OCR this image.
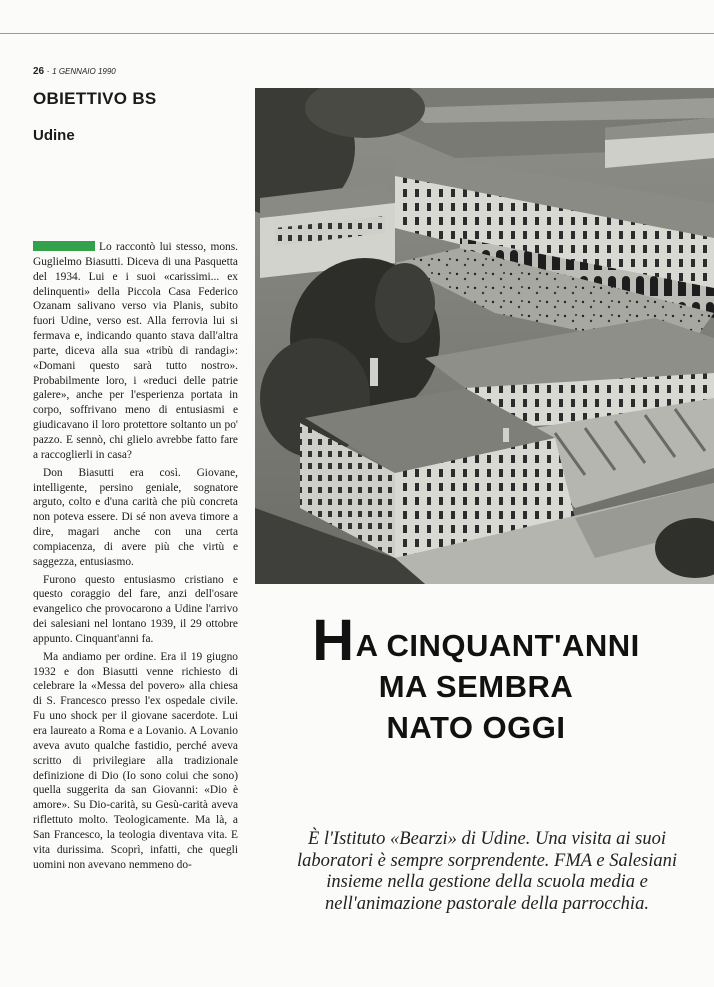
26 · 1 GENNAIO 1990
OBIETTIVO BS
Udine

Lo raccontò lui stesso, mons. Guglielmo Biasutti. Diceva di una Pasquetta del 1934. Lui e i suoi «carissimi... ex delinquenti» della Piccola Casa Federico Ozanam salivano verso via Planis, subito fuori Udine, verso est. Alla ferrovia lui si fermava e, indicando quanto stava dall'altra parte, diceva alla sua «tribù di randagi»: «Domani questo sarà tutto nostro». Probabilmente loro, i «reduci delle patrie galere», anche per l'esperienza portata in corpo, soffrivano meno di entusiasmi e giudicavano il loro protettore soltanto un po' pazzo. E sennò, chi glielo avrebbe fatto fare a raccoglierli in casa?

Don Biasutti era così. Giovane, intelligente, persino geniale, sognatore arguto, colto e d'una carità che più concreta non poteva essere. Di sé non aveva timore a dire, magari anche con una certa compiacenza, di avere più che virtù e saggezza, entusiasmo.

Furono questo entusiasmo cristiano e questo coraggio del fare, anzi dell'osare evangelico che provocarono a Udine l'arrivo dei salesiani nel lontano 1939, il 29 ottobre appunto. Cinquant'anni fa.

Ma andiamo per ordine. Era il 19 giugno 1932 e don Biasutti venne richiesto di celebrare la «Messa del povero» alla chiesa di S. Francesco presso l'ex ospedale civile. Fu uno shock per il giovane sacerdote. Lui era laureato a Roma e a Lovanio. A Lovanio aveva avuto qualche fastidio, perché aveva scritto di privilegiare alla tradizionale definizione di Dio (Io sono colui che sono) quella suggerita da san Giovanni: «Dio è amore». Su Dio-carità, su Gesù-carità aveva riflettuto molto. Teologicamente. Ma là, a San Francesco, la teologia diventava vita. E vita durissima. Scoprì, infatti, che quegli uomini non avevano nemmeno do-

HA CINQUANT'ANNI
MA SEMBRA
NATO OGGI
È l'Istituto «Bearzi» di Udine. Una visita ai suoi laboratori è sempre sorprendente. FMA e Salesiani insieme nella gestione della scuola media e nell'animazione pastorale della parrocchia.
